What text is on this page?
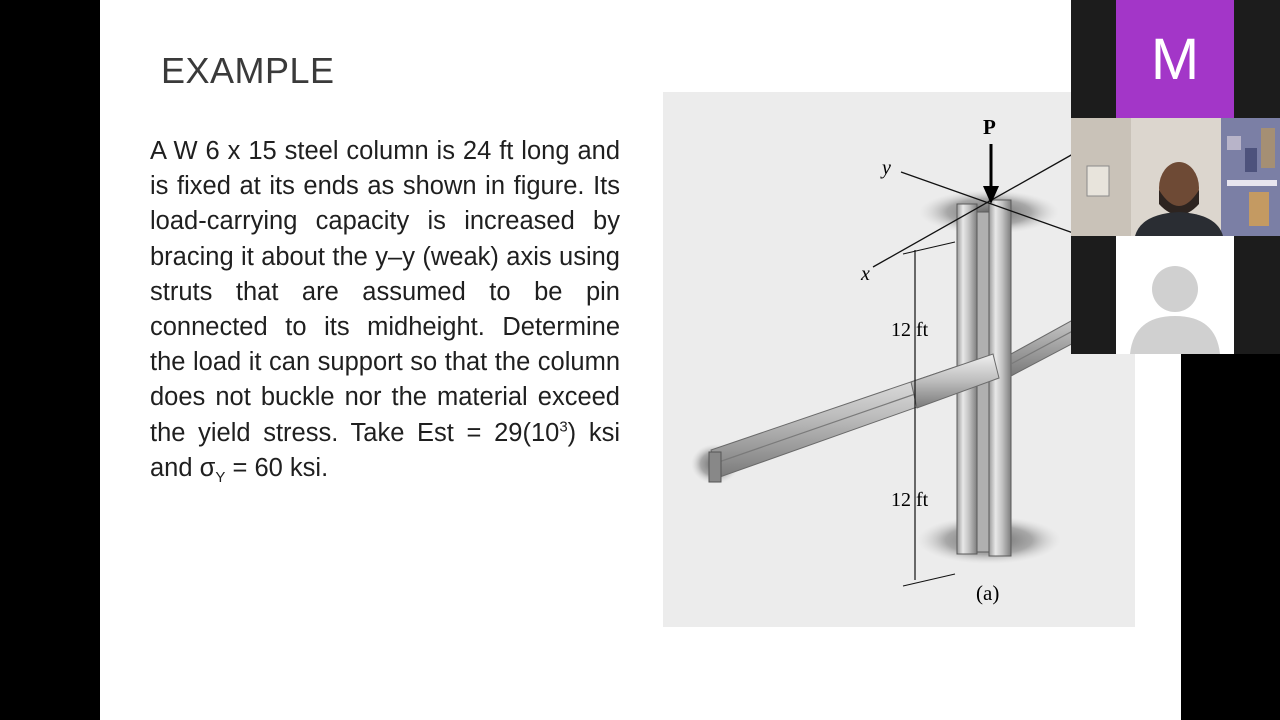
EXAMPLE
A W 6 x 15 steel column is 24 ft long and is fixed at its ends as shown in figure. Its load-carrying capacity is increased by bracing it about the y–y (weak) axis using struts that are assumed to be pin connected to its midheight. Determine the load it can support so that the column does not buckle nor the material exceed the yield stress. Take Est = $29(10^3)$ ksi and $\sigma_Y = 60$ ksi.
P
y
x
12 ft
12 ft
(a)
M
